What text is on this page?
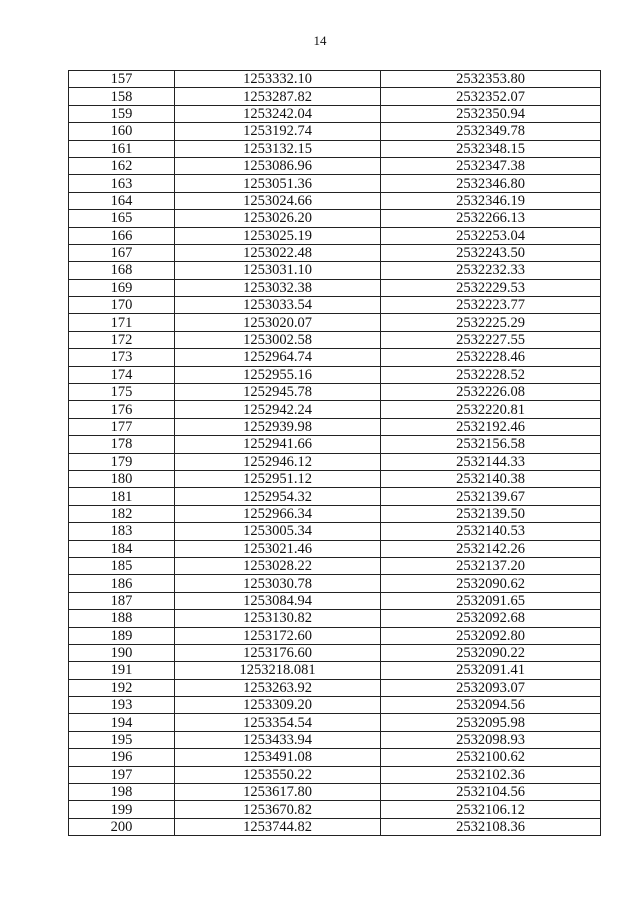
14
157	1253332.10	2532353.80
158	1253287.82	2532352.07
159	1253242.04	2532350.94
160	1253192.74	2532349.78
161	1253132.15	2532348.15
162	1253086.96	2532347.38
163	1253051.36	2532346.80
164	1253024.66	2532346.19
165	1253026.20	2532266.13
166	1253025.19	2532253.04
167	1253022.48	2532243.50
168	1253031.10	2532232.33
169	1253032.38	2532229.53
170	1253033.54	2532223.77
171	1253020.07	2532225.29
172	1253002.58	2532227.55
173	1252964.74	2532228.46
174	1252955.16	2532228.52
175	1252945.78	2532226.08
176	1252942.24	2532220.81
177	1252939.98	2532192.46
178	1252941.66	2532156.58
179	1252946.12	2532144.33
180	1252951.12	2532140.38
181	1252954.32	2532139.67
182	1252966.34	2532139.50
183	1253005.34	2532140.53
184	1253021.46	2532142.26
185	1253028.22	2532137.20
186	1253030.78	2532090.62
187	1253084.94	2532091.65
188	1253130.82	2532092.68
189	1253172.60	2532092.80
190	1253176.60	2532090.22
191	1253218.081	2532091.41
192	1253263.92	2532093.07
193	1253309.20	2532094.56
194	1253354.54	2532095.98
195	1253433.94	2532098.93
196	1253491.08	2532100.62
197	1253550.22	2532102.36
198	1253617.80	2532104.56
199	1253670.82	2532106.12
200	1253744.82	2532108.36
